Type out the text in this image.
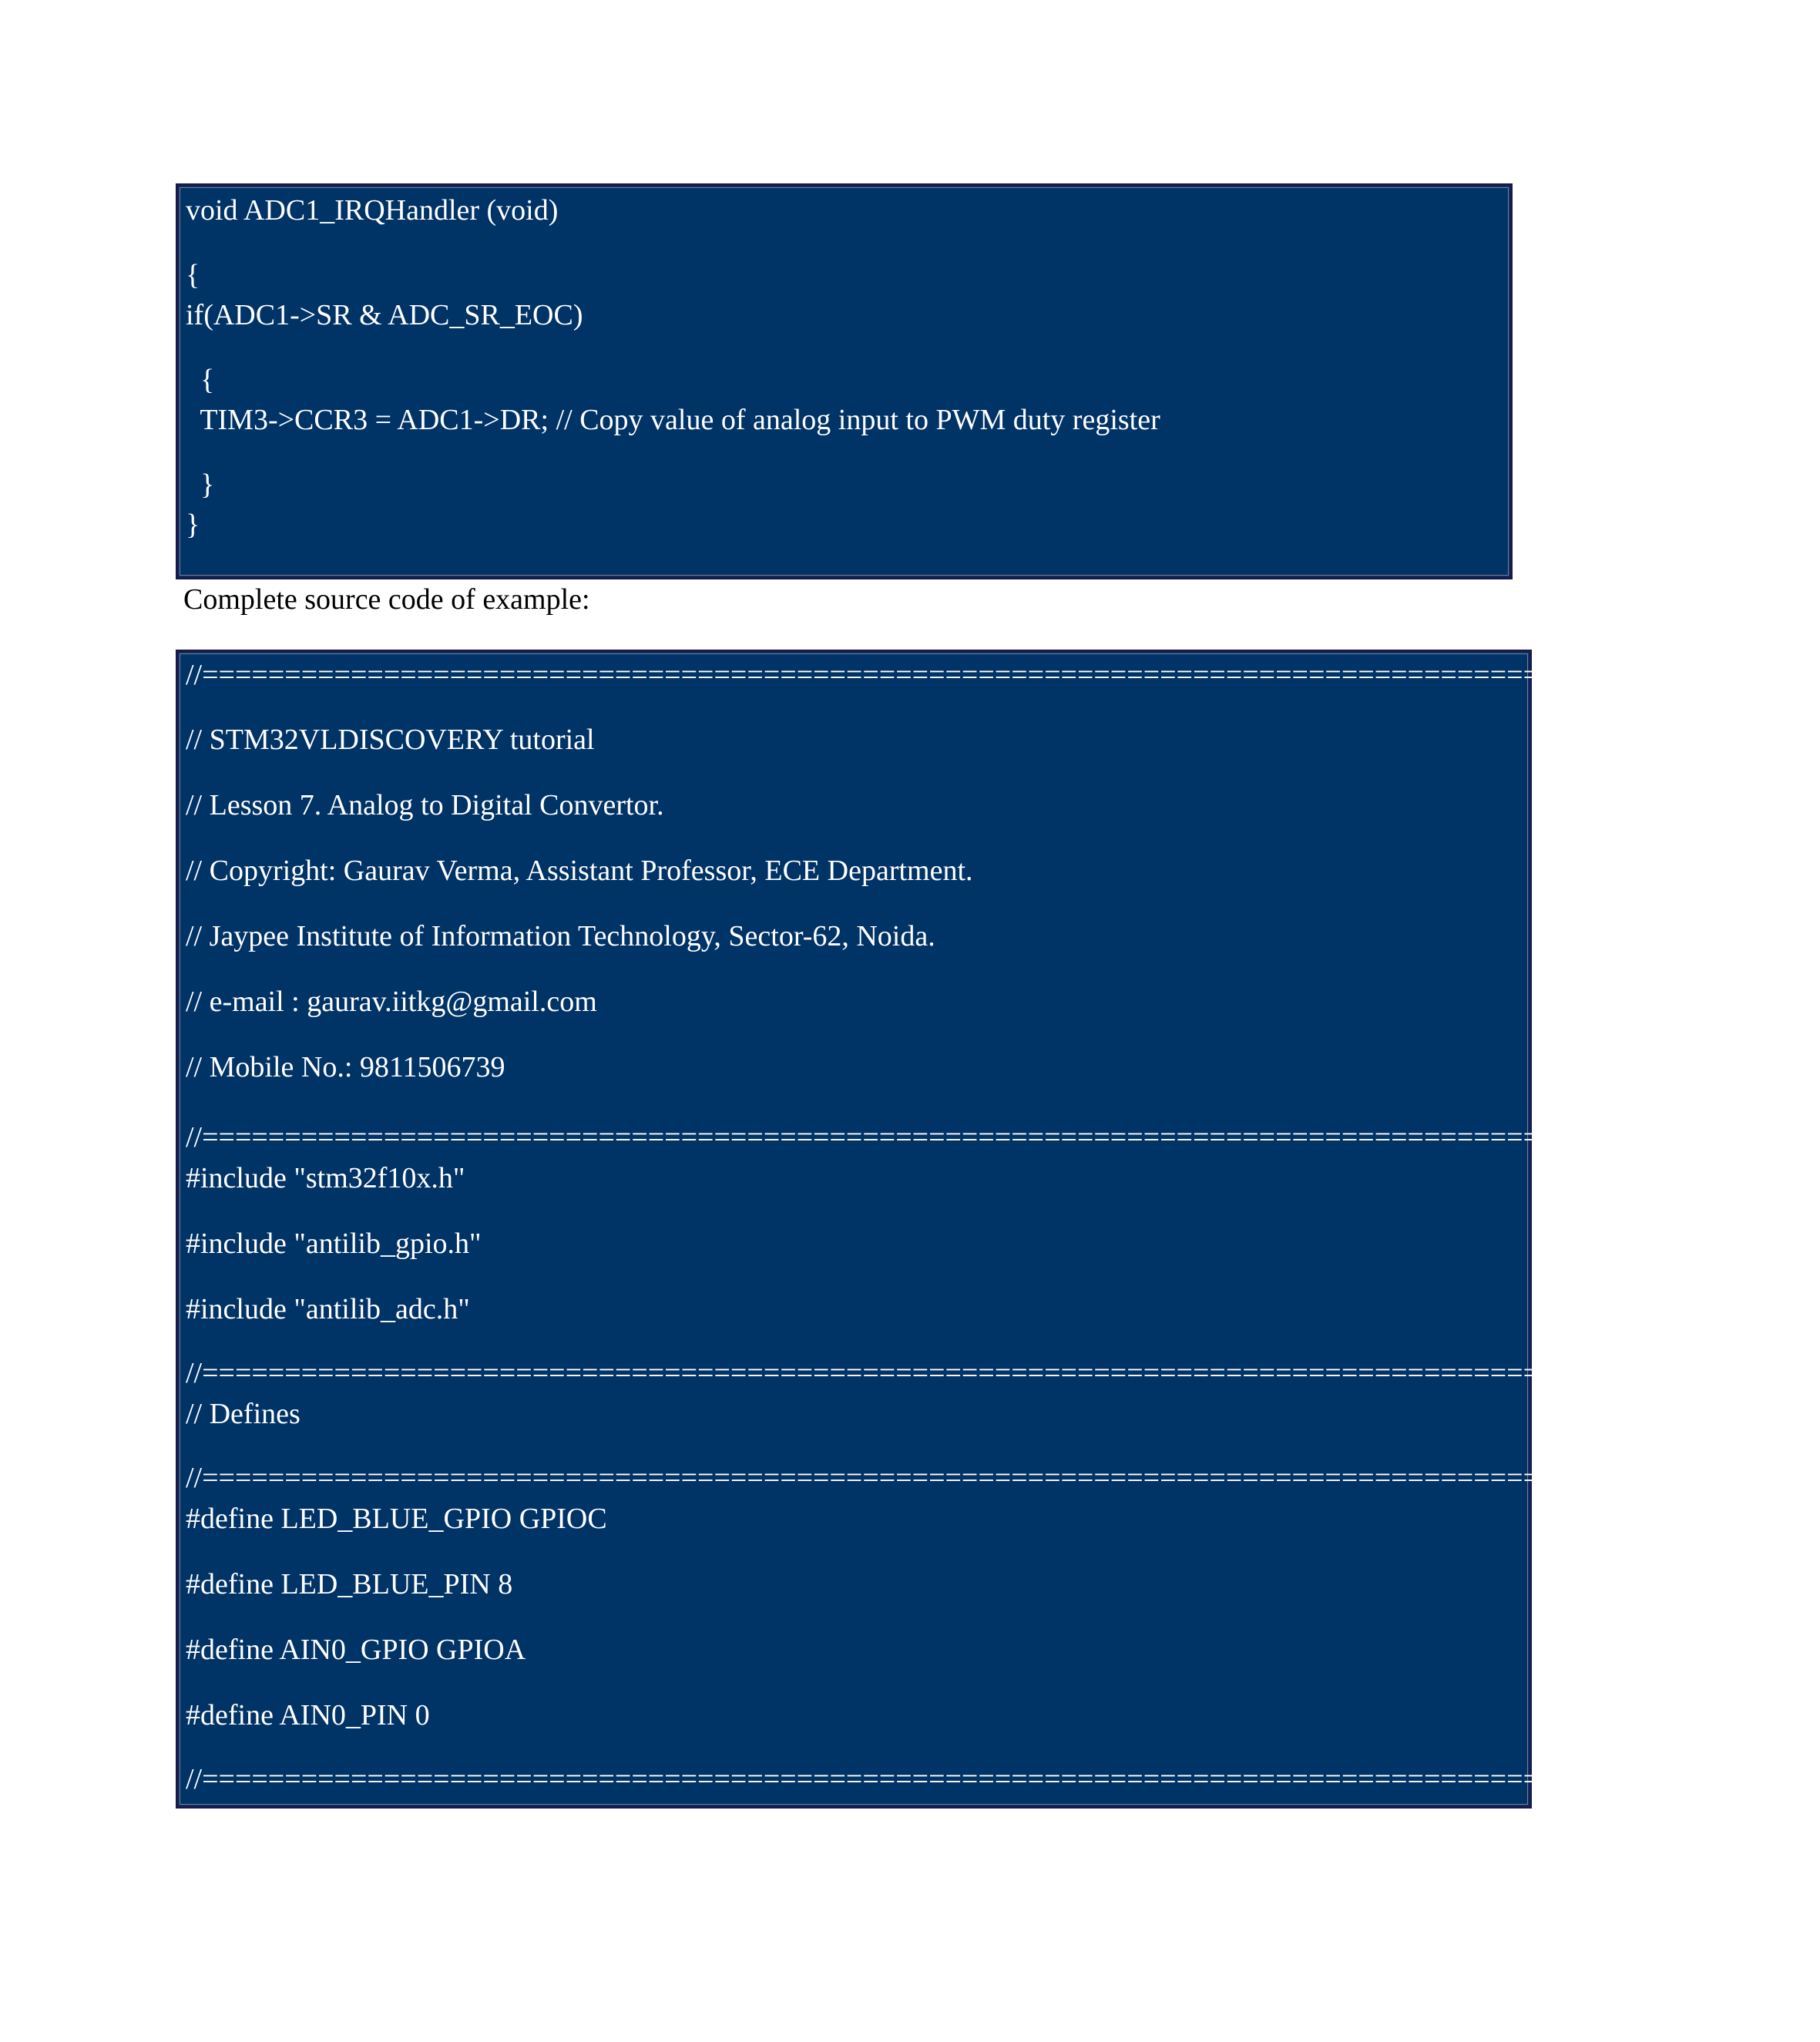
void ADC1_IRQHandler (void)
{
if(ADC1->SR & ADC_SR_EOC)
{
TIM3->CCR3 = ADC1->DR; // Copy value of analog input to PWM duty register
}
}
Complete source code of example:
//==================================================================================================
// STM32VLDISCOVERY tutorial
// Lesson 7. Analog to Digital Convertor.
// Copyright: Gaurav Verma, Assistant Professor, ECE Department.
// Jaypee Institute of Information Technology, Sector-62, Noida.
// e-mail : gaurav.iitkg@gmail.com
// Mobile No.: 9811506739
//==================================================================================================
#include "stm32f10x.h"
#include "antilib_gpio.h"
#include "antilib_adc.h"
//==================================================================================================
// Defines
//==================================================================================================
#define LED_BLUE_GPIO GPIOC
#define LED_BLUE_PIN 8
#define AIN0_GPIO GPIOA
#define AIN0_PIN 0
//==================================================================================================
